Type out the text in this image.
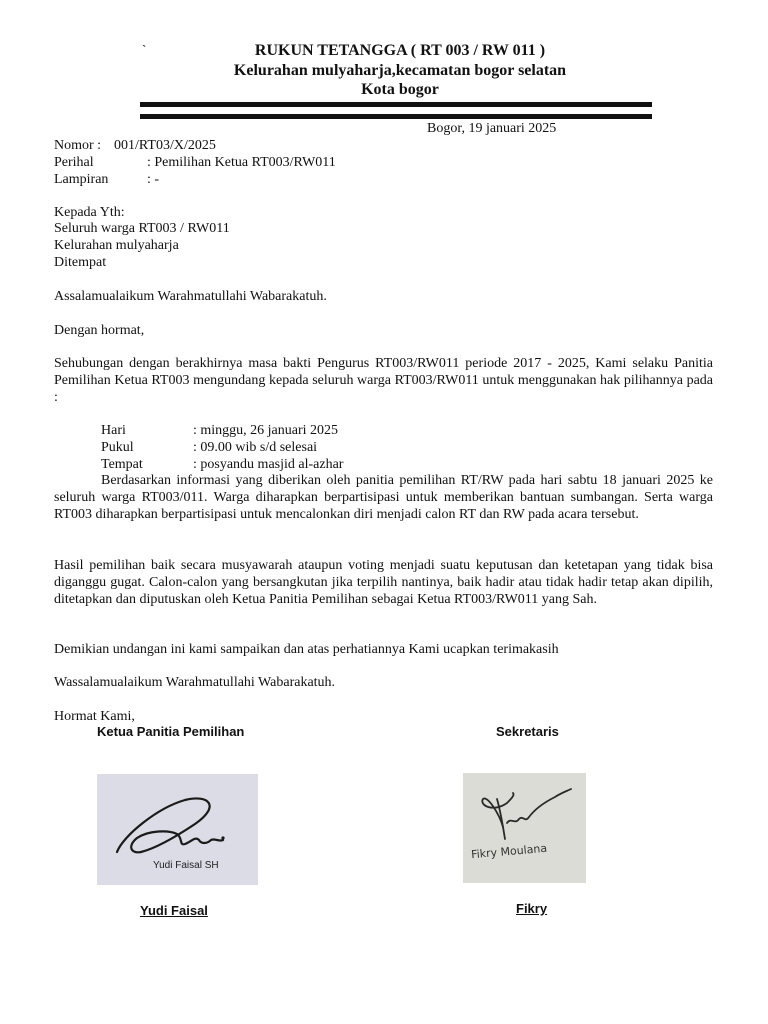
`	RUKUN TETANGGA ( RT 003 / RW 011 )
Kelurahan mulyaharja,kecamatan bogor selatan
Kota bogor
Bogor, 19 januari 2025
Nomor : 001/RT03/X/2025
Perihal	: Pemilihan Ketua RT003/RW011
Lampiran	: -
Kepada Yth:
Seluruh warga RT003 / RW011
Kelurahan mulyaharja
Ditempat
Assalamualaikum Warahmatullahi Wabarakatuh.
Dengan hormat,
Sehubungan dengan berakhirnya masa bakti Pengurus RT003/RW011 periode 2017 - 2025, Kami selaku Panitia Pemilihan Ketua RT003 mengundang kepada seluruh warga RT003/RW011 untuk menggunakan hak pilihannya pada :
Hari	: minggu, 26 januari 2025
Pukul	: 09.00 wib s/d selesai
Tempat	: posyandu masjid al-azhar
Berdasarkan informasi yang diberikan oleh panitia pemilihan RT/RW pada hari sabtu 18 januari 2025 ke seluruh warga RT003/011. Warga diharapkan berpartisipasi untuk memberikan bantuan sumbangan. Serta warga RT003 diharapkan berpartisipasi untuk mencalonkan diri menjadi calon RT dan RW pada acara tersebut.
Hasil pemilihan baik secara musyawarah ataupun voting menjadi suatu keputusan dan ketetapan yang tidak bisa diganggu gugat. Calon-calon yang bersangkutan jika terpilih nantinya, baik hadir atau tidak hadir tetap akan dipilih, ditetapkan dan diputuskan oleh Ketua Panitia Pemilihan sebagai Ketua RT003/RW011 yang Sah.
Demikian undangan ini kami sampaikan dan atas perhatiannya Kami ucapkan terimakasih
Wassalamualaikum Warahmatullahi Wabarakatuh.
Hormat Kami,
Ketua Panitia Pemilihan	Sekretaris
Yudi Faisal SH
Fikry Moulana
Yudi Faisal	Fikry
